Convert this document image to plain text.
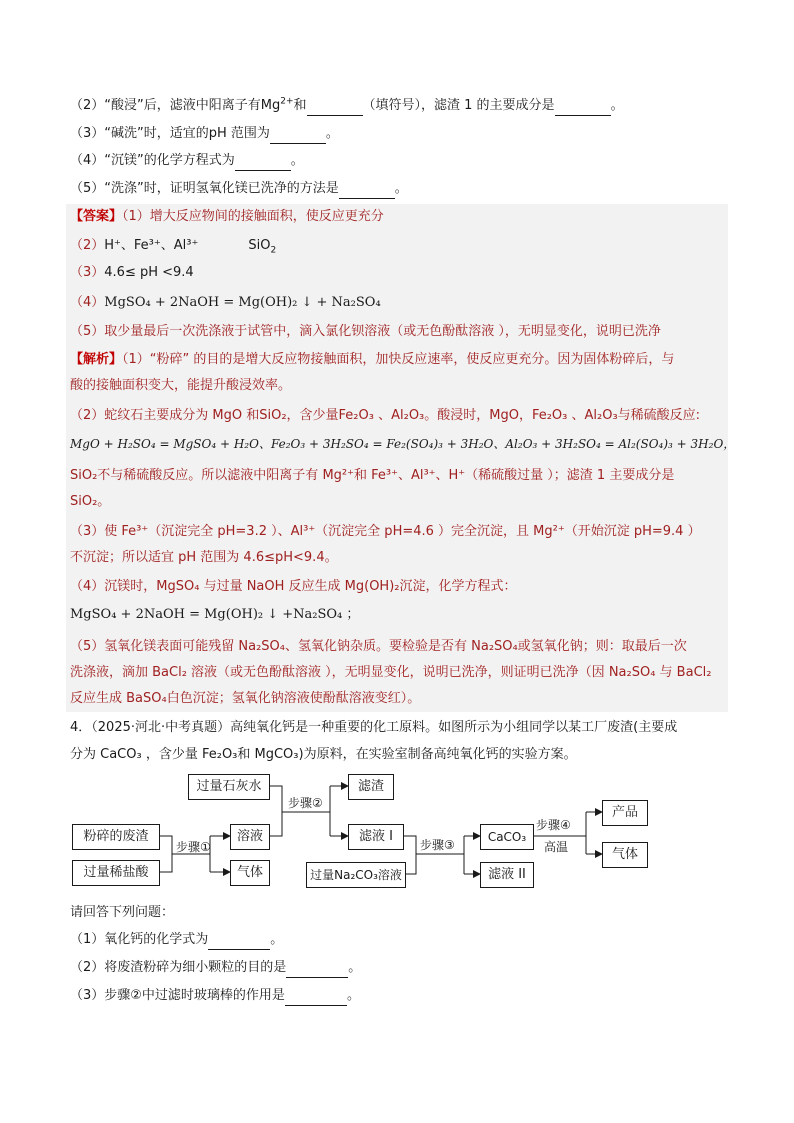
（2）“酸浸”后，滤液中阳离子有$Mg^{2+}$和	（填符号），滤渣 1 的主要成分是	。
（3）“碱洗”时，适宜的pH 范围为	。
（4）“沉镁”的化学方程式为	。
（5）“洗涤”时，证明氢氧化镁已洗净的方法是	。
【答案】（1）增大反应物间的接触面积，使反应更充分
（2）H⁺、Fe³⁺、Al³⁺	SiO$_2$
（3）4.6≤ pH <9.4
（4）MgSO₄ + 2NaOH = Mg(OH)₂ ↓ + Na₂SO₄
（5）取少量最后一次洗涤液于试管中，滴入氯化钡溶液（或无色酚酞溶液 ），无明显变化，说明已洗净
【解析】（1）“粉碎” 的目的是增大反应物接触面积，加快反应速率，使反应更充分。因为固体粉碎后，与
酸的接触面积变大，能提升酸浸效率。
（2）蛇纹石主要成分为 MgO 和SiO₂，含少量Fe₂O₃ 、Al₂O₃。酸浸时，MgO，Fe₂O₃ 、Al₂O₃与稀硫酸反应:
MgO + H₂SO₄ = MgSO₄ + H₂O、Fe₂O₃ + 3H₂SO₄ = Fe₂(SO₄)₃ + 3H₂O、Al₂O₃ + 3H₂SO₄ = Al₂(SO₄)₃ + 3H₂O，
SiO₂不与稀硫酸反应。所以滤液中阳离子有 Mg²⁺和 Fe³⁺、Al³⁺、H⁺（稀硫酸过量 ）；滤渣 1 主要成分是
SiO₂。
（3）使 Fe³⁺（沉淀完全 pH=3.2 ）、Al³⁺（沉淀完全 pH=4.6 ）完全沉淀，且 Mg²⁺（开始沉淀 pH=9.4 ）
不沉淀；所以适宜 pH 范围为 4.6≤pH<9.4。
（4）沉镁时，MgSO₄ 与过量 NaOH 反应生成 Mg(OH)₂沉淀，化学方程式：
MgSO₄ + 2NaOH = Mg(OH)₂ ↓ +Na₂SO₄ ；
（5）氢氧化镁表面可能残留 Na₂SO₄、氢氧化钠杂质。要检验是否有 Na₂SO₄或氢氧化钠；则：取最后一次
洗涤液，滴加 BaCl₂ 溶液（或无色酚酞溶液 ），无明显变化，说明已洗净，则证明已洗净（因 Na₂SO₄ 与 BaCl₂
反应生成 BaSO₄白色沉淀；氢氧化钠溶液使酚酞溶液变红）。
4．（2025·河北·中考真题）高纯氧化钙是一种重要的化工原料。如图所示为小组同学以某工厂废渣(主要成
分为 CaCO₃ ，含少量 Fe₂O₃和 MgCO₃)为原料，在实验室制备高纯氧化钙的实验方案。
粉碎的废渣
过量稀盐酸
步骤①
溶液
气体
过量石灰水
步骤②
滤渣
滤液 I
过量Na₂CO₃溶液
步骤③
CaCO₃
滤液 II
步骤④
高温
产品
气体
请回答下列问题：
（1）氧化钙的化学式为	。
（2）将废渣粉碎为细小颗粒的目的是	。
（3）步骤②中过滤时玻璃棒的作用是	。
